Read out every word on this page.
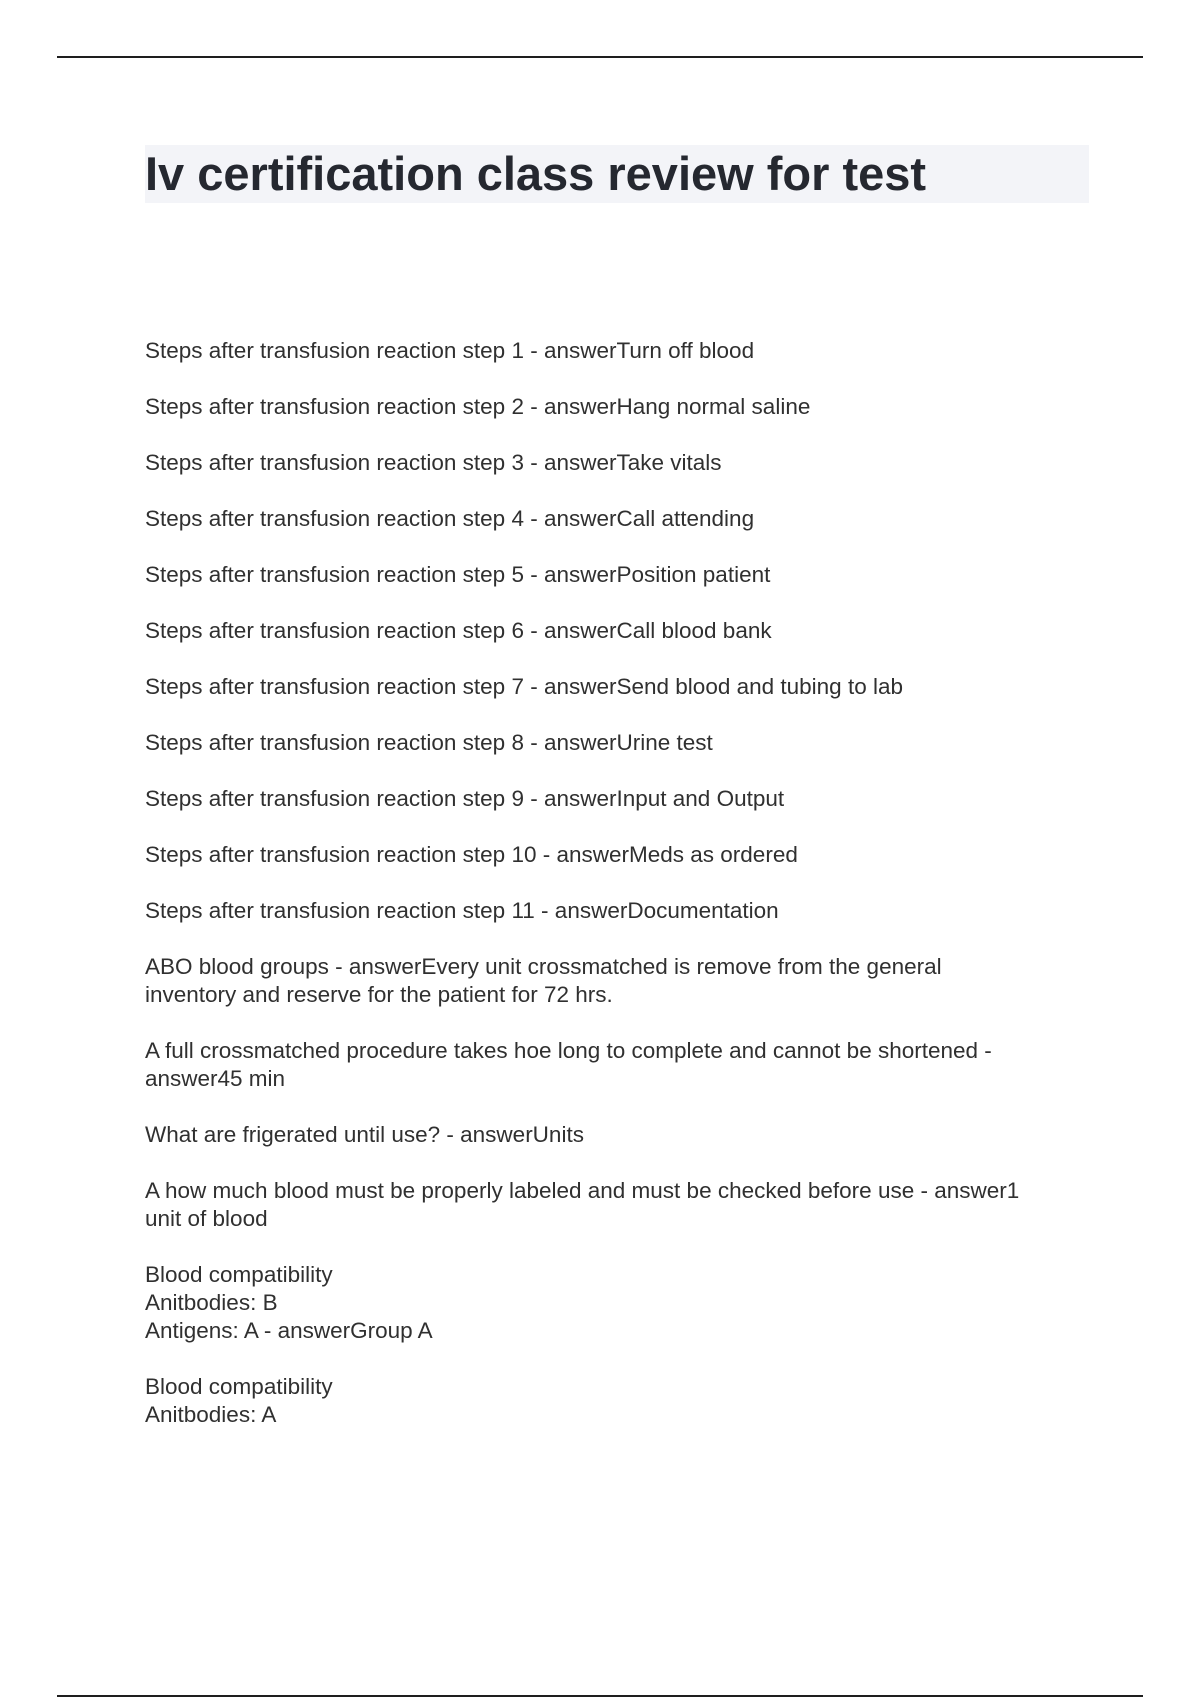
Iv certification class review for test
Steps after transfusion reaction step 1 - answerTurn off blood
Steps after transfusion reaction step 2 - answerHang normal saline
Steps after transfusion reaction step 3 - answerTake vitals
Steps after transfusion reaction step 4 - answerCall attending
Steps after transfusion reaction step 5 - answerPosition patient
Steps after transfusion reaction step 6 - answerCall blood bank
Steps after transfusion reaction step 7 - answerSend blood and tubing to lab
Steps after transfusion reaction step 8 - answerUrine test
Steps after transfusion reaction step 9 - answerInput and Output
Steps after transfusion reaction step 10 - answerMeds as ordered
Steps after transfusion reaction step 11 - answerDocumentation
ABO blood groups - answerEvery unit crossmatched is remove from the general
inventory and reserve for the patient for 72 hrs.
A full crossmatched procedure takes hoe long to complete and cannot be shortened -
answer45 min
What are frigerated until use? - answerUnits
A how much blood must be properly labeled and must be checked before use - answer1
unit of blood
Blood compatibility
Anitbodies: B
Antigens: A - answerGroup A
Blood compatibility
Anitbodies: A
